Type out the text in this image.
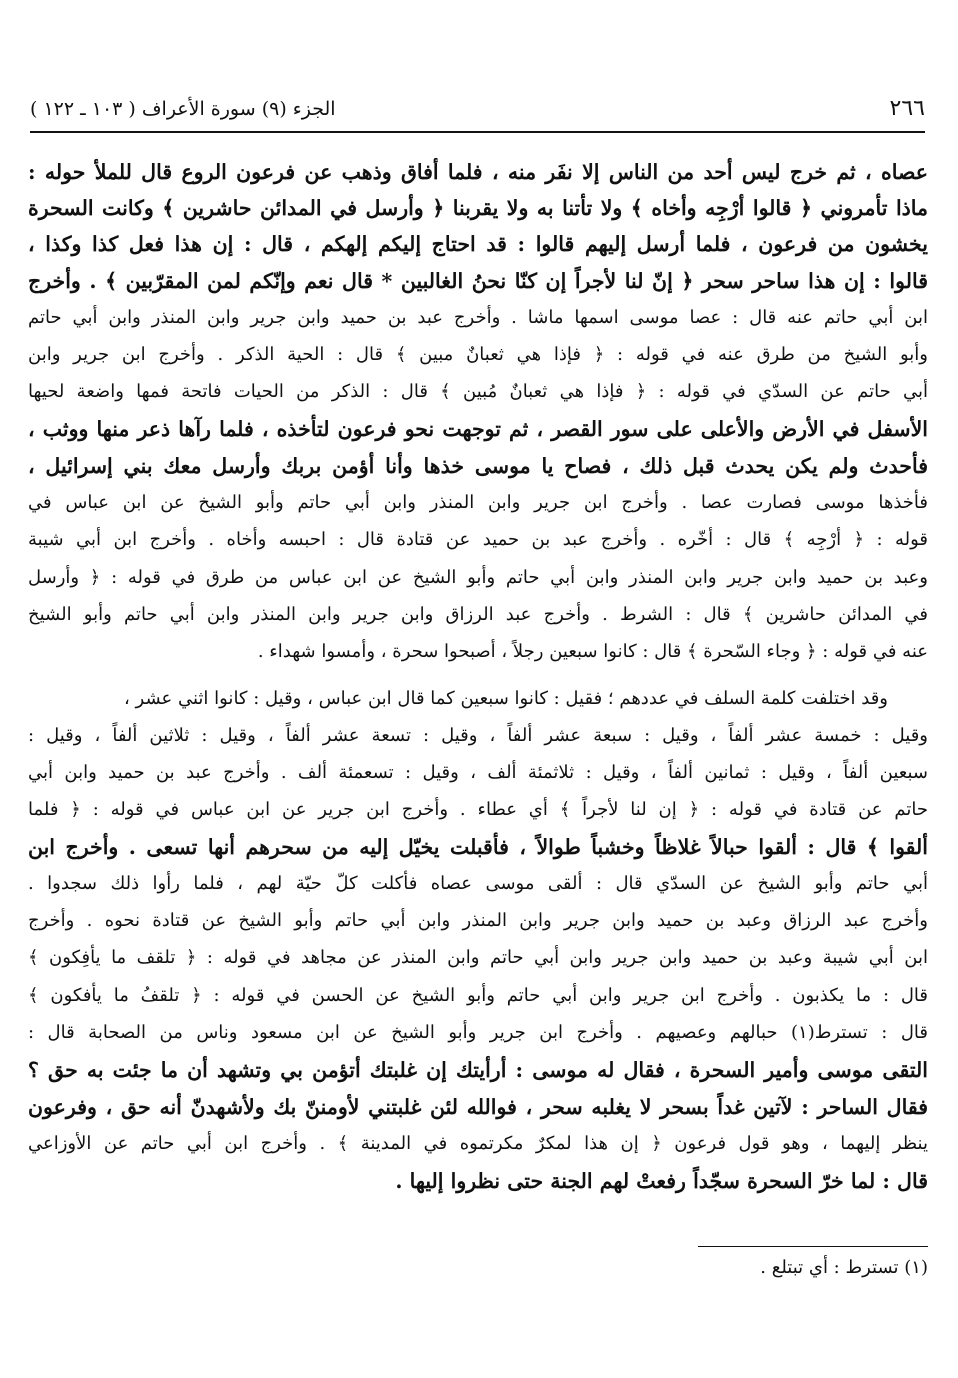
٢٦٦
الجزء (٩) سورة الأعراف ( ١٠٣ ـ ١٢٢ )
عصاه ، ثم خرج ليس أحد من الناس إلا نفَر منه ، فلما أفاق وذهب عن فرعون الروع قال للملأ حوله :
ماذا تأمروني ﴿ قالوا أرْجِه وأخاه ﴾ ولا تأتنا به ولا يقربنا ﴿ وأرسل في المدائن حاشرين ﴾ وكانت السحرة
يخشون من فرعون ، فلما أرسل إليهم قالوا : قد احتاج إليكم إلهكم ، قال : إن هذا فعل كذا وكذا ،
قالوا : إن هذا ساحر سحر ﴿ إنّ لنا لأجراً إن كنّا نحنُ الغالبين * قال نعم وإنّكم لمن المقرّبين ﴾ . وأخرج
ابن أبي حاتم عنه قال : عصا موسى اسمها ماشا . وأخرج عبد بن حميد وابن جرير وابن المنذر وابن أبي حاتم
وأبو الشيخ من طرق عنه في قوله : ﴿ فإذا هي ثعبانٌ مبين ﴾ قال : الحية الذكر . وأخرج ابن جرير وابن
أبي حاتم عن السدّي في قوله : ﴿ فإذا هي ثعبانٌ مُبين ﴾ قال : الذكر من الحيات فاتحة فمها واضعة لحيها
الأسفل في الأرض والأعلى على سور القصر ، ثم توجهت نحو فرعون لتأخذه ، فلما رآها ذعر منها ووثب ،
فأحدث ولم يكن يحدث قبل ذلك ، فصاح يا موسى خذها وأنا أؤمن بربك وأرسل معك بني إسرائيل ،
فأخذها موسى فصارت عصا . وأخرج ابن جرير وابن المنذر وابن أبي حاتم وأبو الشيخ عن ابن عباس في
قوله : ﴿ أرْجِه ﴾ قال : أخّره . وأخرج عبد بن حميد عن قتادة قال : احبسه وأخاه . وأخرج ابن أبي شيبة
وعبد بن حميد وابن جرير وابن المنذر وابن أبي حاتم وأبو الشيخ عن ابن عباس من طرق في قوله : ﴿ وأرسل
في المدائن حاشرين ﴾ قال : الشرط . وأخرج عبد الرزاق وابن جرير وابن المنذر وابن أبي حاتم وأبو الشيخ
عنه في قوله : ﴿ وجاء السّحرة ﴾ قال : كانوا سبعين رجلاً ، أصبحوا سحرة ، وأمسوا شهداء .
وقد اختلفت كلمة السلف في عددهم ؛ فقيل : كانوا سبعين كما قال ابن عباس ، وقيل : كانوا اثني عشر ،
وقيل : خمسة عشر ألفاً ، وقيل : سبعة عشر ألفاً ، وقيل : تسعة عشر ألفاً ، وقيل : ثلاثين ألفاً ، وقيل :
سبعين ألفاً ، وقيل : ثمانين ألفاً ، وقيل : ثلاثمئة ألف ، وقيل : تسعمئة ألف . وأخرج عبد بن حميد وابن أبي
حاتم عن قتادة في قوله : ﴿ إن لنا لأجراً ﴾ أي عطاء . وأخرج ابن جرير عن ابن عباس في قوله : ﴿ فلما
ألقوا ﴾ قال : ألقوا حبالاً غلاظاً وخشباً طوالاً ، فأقبلت يخيّل إليه من سحرهم أنها تسعى . وأخرج ابن
أبي حاتم وأبو الشيخ عن السدّي قال : ألقى موسى عصاه فأكلت كلّ حيّة لهم ، فلما رأوا ذلك سجدوا .
وأخرج عبد الرزاق وعبد بن حميد وابن جرير وابن المنذر وابن أبي حاتم وأبو الشيخ عن قتادة نحوه . وأخرج
ابن أبي شيبة وعبد بن حميد وابن جرير وابن أبي حاتم وابن المنذر عن مجاهد في قوله : ﴿ تلقف ما يأفِكون ﴾
قال : ما يكذبون . وأخرج ابن جرير وابن أبي حاتم وأبو الشيخ عن الحسن في قوله : ﴿ تلقفُ ما يأفكون ﴾
قال : تسترط(١) حبالهم وعصيهم . وأخرج ابن جرير وأبو الشيخ عن ابن مسعود وناس من الصحابة قال :
التقى موسى وأمير السحرة ، فقال له موسى : أرأيتك إن غلبتك أتؤمن بي وتشهد أن ما جئت به حق ؟
فقال الساحر : لآتين غداً بسحر لا يغلبه سحر ، فوالله لئن غلبتني لأومننّ بك ولأشهدنّ أنه حق ، وفرعون
ينظر إليهما ، وهو قول فرعون ﴿ إن هذا لمكرٌ مكرتموه في المدينة ﴾ . وأخرج ابن أبي حاتم عن الأوزاعي
قال : لما خرّ السحرة سجّداً رفعتْ لهم الجنة حتى نظروا إليها .
(١) تسترط : أي تبتلع .
